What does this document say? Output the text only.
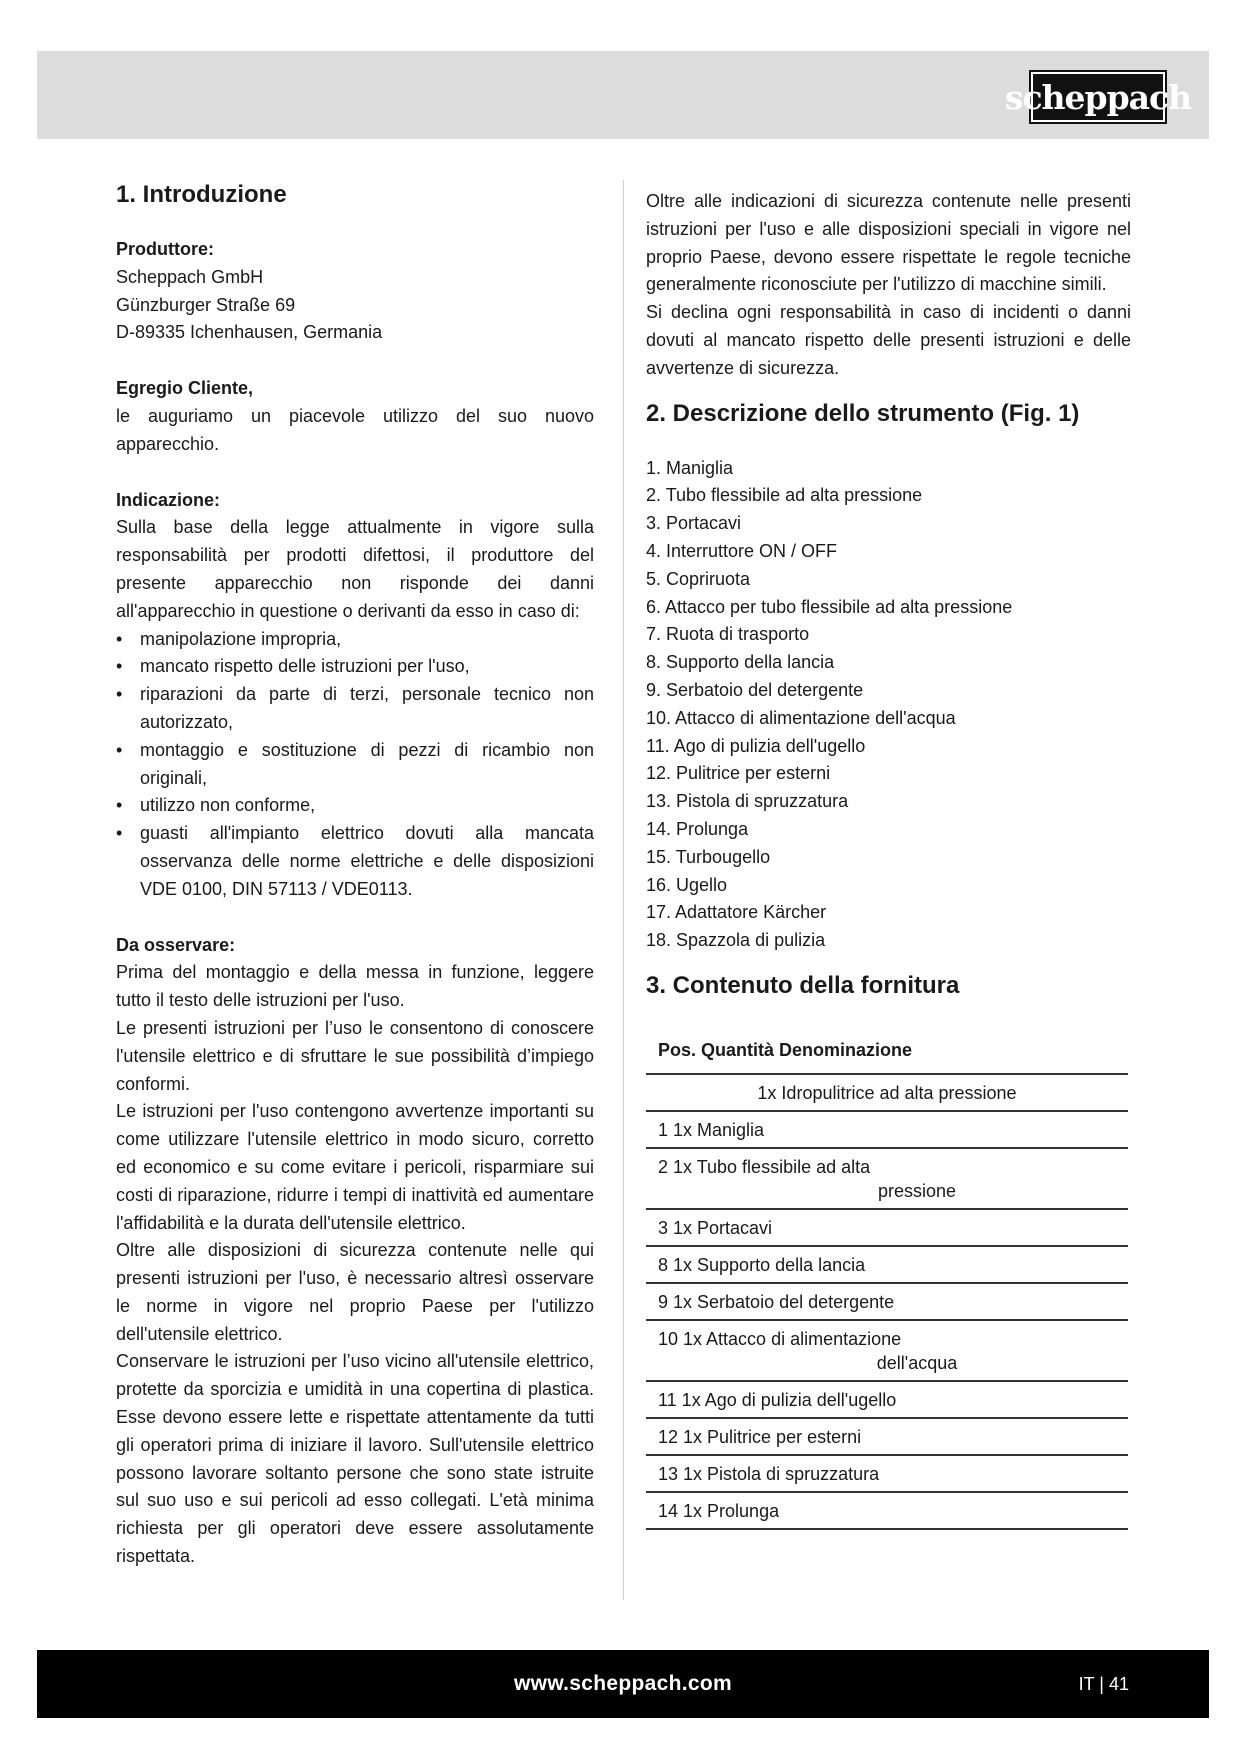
scheppach
1. Introduzione

Produttore:

Scheppach GmbH

Günzburger Straße 69

D-89335 Ichenhausen, Germania

Egregio Cliente,

le auguriamo un piacevole utilizzo del suo nuovo apparecchio.

Indicazione:

Sulla base della legge attualmente in vigore sulla responsabilità per prodotti difettosi, il produttore del presente apparecchio non risponde dei danni all'apparecchio in questione o derivanti da esso in caso di:

• manipolazione impropria,
• mancato rispetto delle istruzioni per l'uso,
• riparazioni da parte di terzi, personale tecnico non autorizzato,
• montaggio e sostituzione di pezzi di ricambio non originali,
• utilizzo non conforme,
• guasti all'impianto elettrico dovuti alla mancata osservanza delle norme elettriche e delle disposizioni VDE 0100, DIN 57113 / VDE0113.

Da osservare:

Prima del montaggio e della messa in funzione, leggere tutto il testo delle istruzioni per l'uso.

Le presenti istruzioni per l’uso le consentono di conoscere l'utensile elettrico e di sfruttare le sue possibilità d’impiego conformi.

Le istruzioni per l'uso contengono avvertenze importanti su come utilizzare l'utensile elettrico in modo sicuro, corretto ed economico e su come evitare i pericoli, risparmiare sui costi di riparazione, ridurre i tempi di inattività ed aumentare l'affidabilità e la durata dell'utensile elettrico.

Oltre alle disposizioni di sicurezza contenute nelle qui presenti istruzioni per l'uso, è necessario altresì osservare le norme in vigore nel proprio Paese per l'utilizzo dell'utensile elettrico.

Conservare le istruzioni per l’uso vicino all'utensile elettrico, protette da sporcizia e umidità in una copertina di plastica. Esse devono essere lette e rispettate attentamente da tutti gli operatori prima di iniziare il lavoro. Sull'utensile elettrico possono lavorare soltanto persone che sono state istruite sul suo uso e sui pericoli ad esso collegati. L'età minima richiesta per gli operatori deve essere assolutamente rispettata.

Oltre alle indicazioni di sicurezza contenute nelle presenti istruzioni per l'uso e alle disposizioni speciali in vigore nel proprio Paese, devono essere rispettate le regole tecniche generalmente riconosciute per l'utilizzo di macchine simili.

Si declina ogni responsabilità in caso di incidenti o danni dovuti al mancato rispetto delle presenti istruzioni e delle avvertenze di sicurezza.

2. Descrizione dello strumento (Fig. 1)
1. Maniglia
2. Tubo flessibile ad alta pressione
3. Portacavi
4. Interruttore ON / OFF
5. Copriruota
6. Attacco per tubo flessibile ad alta pressione
7. Ruota di trasporto
8. Supporto della lancia
9. Serbatoio del detergente
10. Attacco di alimentazione dell'acqua
11. Ago di pulizia dell'ugello
12. Pulitrice per esterni
13. Pistola di spruzzatura
14. Prolunga
15. Turbougello
16. Ugello
17. Adattatore Kärcher
18. Spazzola di pulizia
3. Contenuto della fornitura
Pos. Quantità Denominazione
1x Idropulitrice ad alta pressione
1 1x Maniglia
2 1x Tubo flessibile ad alta
pressione
3 1x Portacavi
8 1x Supporto della lancia
9 1x Serbatoio del detergente
10 1x Attacco di alimentazione
dell'acqua
11 1x Ago di pulizia dell'ugello
12 1x Pulitrice per esterni
13 1x Pistola di spruzzatura
14 1x Prolunga
www.scheppach.com	IT | 41
